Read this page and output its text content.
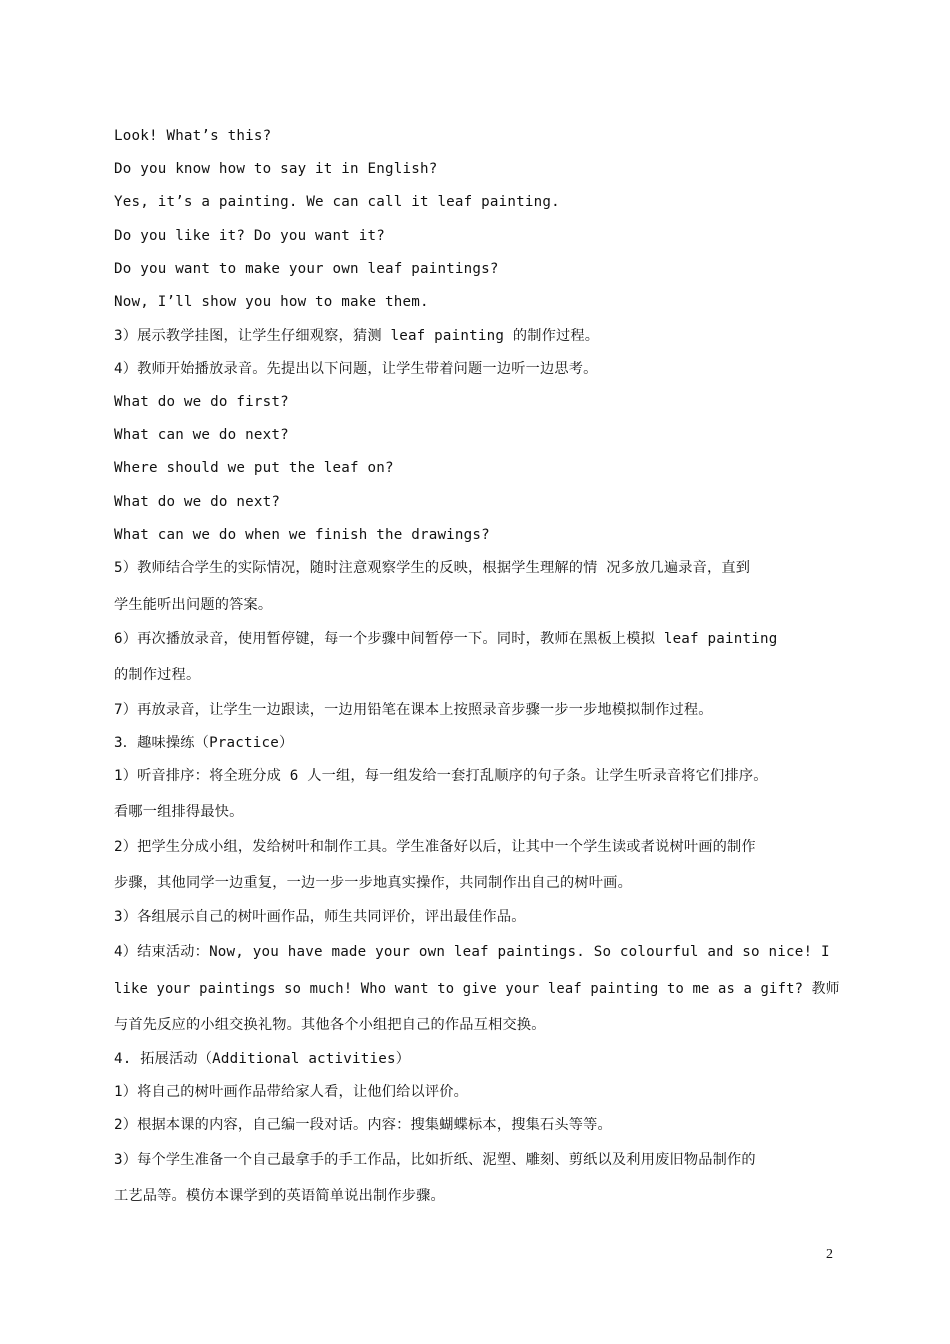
Look! What’s this?
Do you know how to say it in English?
Yes, it’s a painting. We can call it leaf painting.
Do you like it? Do you want it?
Do you want to make your own leaf paintings?
Now, I’ll show you how to make them.
3）展示教学挂图，让学生仔细观察，猜测 leaf painting 的制作过程。
4）教师开始播放录音。先提出以下问题，让学生带着问题一边听一边思考。
What do we do first?
What can we do next?
Where should we put the leaf on?
What do we do next?
What can we do when we finish the drawings?
5）教师结合学生的实际情况，随时注意观察学生的反映，根据学生理解的情 况多放几遍录音，直到
学生能听出问题的答案。
6）再次播放录音，使用暂停键，每一个步骤中间暂停一下。同时，教师在黑板上模拟 leaf painting
的制作过程。
7）再放录音，让学生一边跟读，一边用铅笔在课本上按照录音步骤一步一步地模拟制作过程。
3．趣味操练（Practice）
1）听音排序：将全班分成 6 人一组，每一组发给一套打乱顺序的句子条。让学生听录音将它们排序。
看哪一组排得最快。
2）把学生分成小组，发给树叶和制作工具。学生准备好以后，让其中一个学生读或者说树叶画的制作
步骤，其他同学一边重复，一边一步一步地真实操作，共同制作出自己的树叶画。
3）各组展示自己的树叶画作品，师生共同评价，评出最佳作品。
4）结束活动：Now, you have made your own leaf paintings. So colourful and so nice! I
like your paintings so much! Who want to give your leaf painting to me as a gift? 教师
与首先反应的小组交换礼物。其他各个小组把自己的作品互相交换。
4. 拓展活动（Additional activities）
1）将自己的树叶画作品带给家人看，让他们给以评价。
2）根据本课的内容，自己编一段对话。内容：搜集蝴蝶标本，搜集石头等等。
3）每个学生准备一个自己最拿手的手工作品，比如折纸、泥塑、雕刻、剪纸以及利用废旧物品制作的
工艺品等。模仿本课学到的英语简单说出制作步骤。
2
